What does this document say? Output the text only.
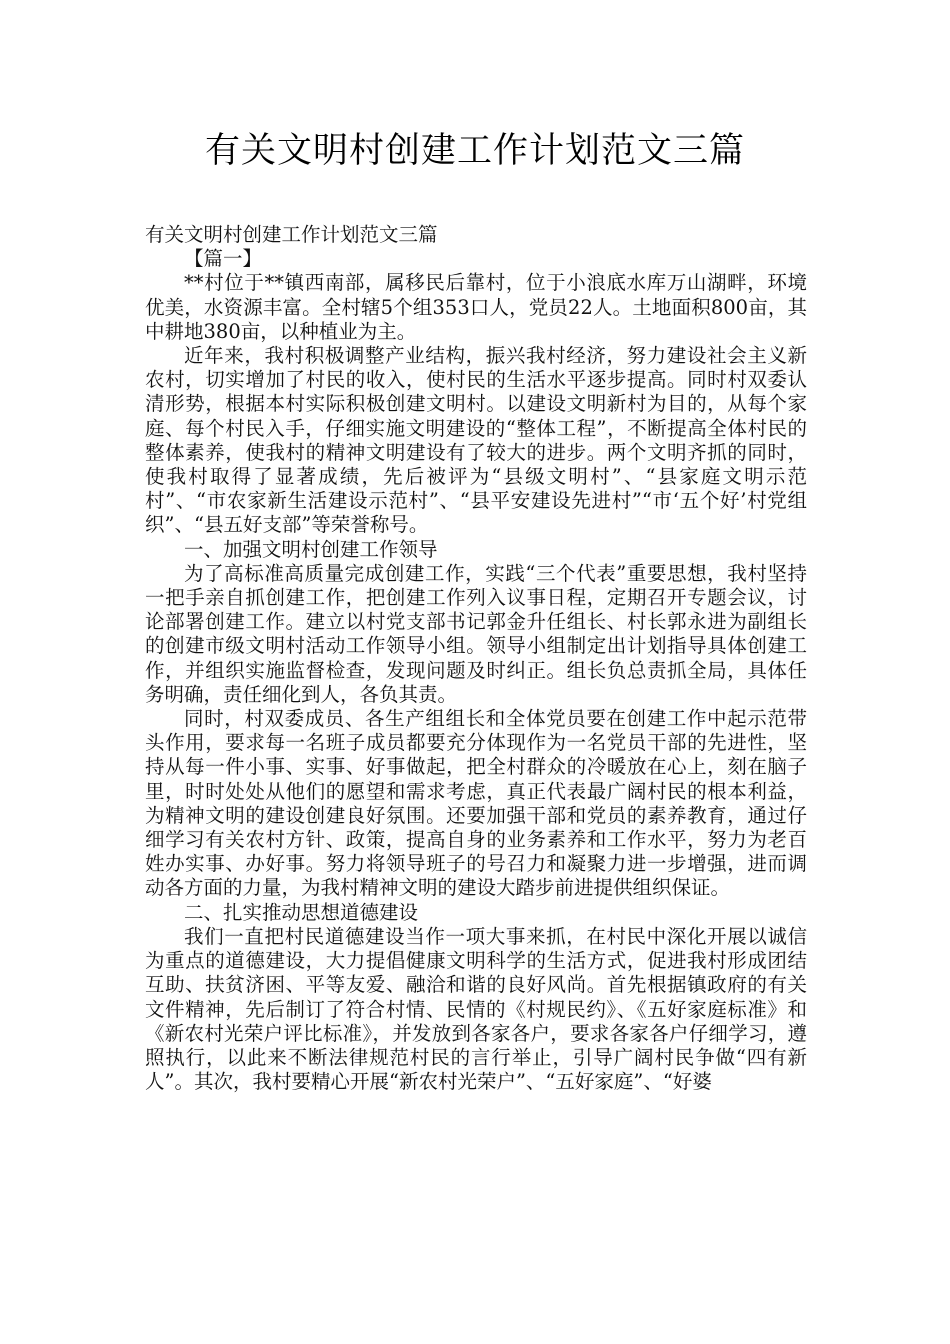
有关文明村创建工作计划范文三篇

有关文明村创建工作计划范文三篇

【篇一】

**村位于**镇西南部，属移民后靠村，位于小浪底水库万山湖畔，环境优美，水资源丰富。全村辖5个组353口人，党员22人。土地面积800亩，其中耕地380亩，以种植业为主。

近年来，我村积极调整产业结构，振兴我村经济，努力建设社会主义新农村，切实增加了村民的收入，使村民的生活水平逐步提高。同时村双委认清形势，根据本村实际积极创建文明村。以建设文明新村为目的，从每个家庭、每个村民入手，仔细实施文明建设的“整体工程”，不断提高全体村民的整体素养，使我村的精神文明建设有了较大的进步。两个文明齐抓的同时，使我村取得了显著成绩，先后被评为“县级文明村”、“县家庭文明示范村”、“市农家新生活建设示范村”、“县平安建设先进村”“市‘五个好’村党组织”、“县五好支部”等荣誉称号。

一、加强文明村创建工作领导

为了高标准高质量完成创建工作，实践“三个代表”重要思想，我村坚持一把手亲自抓创建工作，把创建工作列入议事日程，定期召开专题会议，讨论部署创建工作。建立以村党支部书记郭金升任组长、村长郭永进为副组长的创建市级文明村活动工作领导小组。领导小组制定出计划指导具体创建工作，并组织实施监督检查，发现问题及时纠正。组长负总责抓全局，具体任务明确，责任细化到人，各负其责。

同时，村双委成员、各生产组组长和全体党员要在创建工作中起示范带头作用，要求每一名班子成员都要充分体现作为一名党员干部的先进性，坚持从每一件小事、实事、好事做起，把全村群众的冷暖放在心上，刻在脑子里，时时处处从他们的愿望和需求考虑，真正代表最广阔村民的根本利益，为精神文明的建设创建良好氛围。还要加强干部和党员的素养教育，通过仔细学习有关农村方针、政策，提高自身的业务素养和工作水平，努力为老百姓办实事、办好事。努力将领导班子的号召力和凝聚力进一步增强，进而调动各方面的力量，为我村精神文明的建设大踏步前进提供组织保证。

二、扎实推动思想道德建设

我们一直把村民道德建设当作一项大事来抓，在村民中深化开展以诚信为重点的道德建设，大力提倡健康文明科学的生活方式，促进我村形成团结互助、扶贫济困、平等友爱、融洽和谐的良好风尚。首先根据镇政府的有关文件精神，先后制订了符合村情、民情的《村规民约》、《五好家庭标准》和《新农村光荣户评比标准》，并发放到各家各户，要求各家各户仔细学习，遵照执行，以此来不断法律规范村民的言行举止，引导广阔村民争做“四有新人”。其次，我村要精心开展“新农村光荣户”、“五好家庭”、“好婆
